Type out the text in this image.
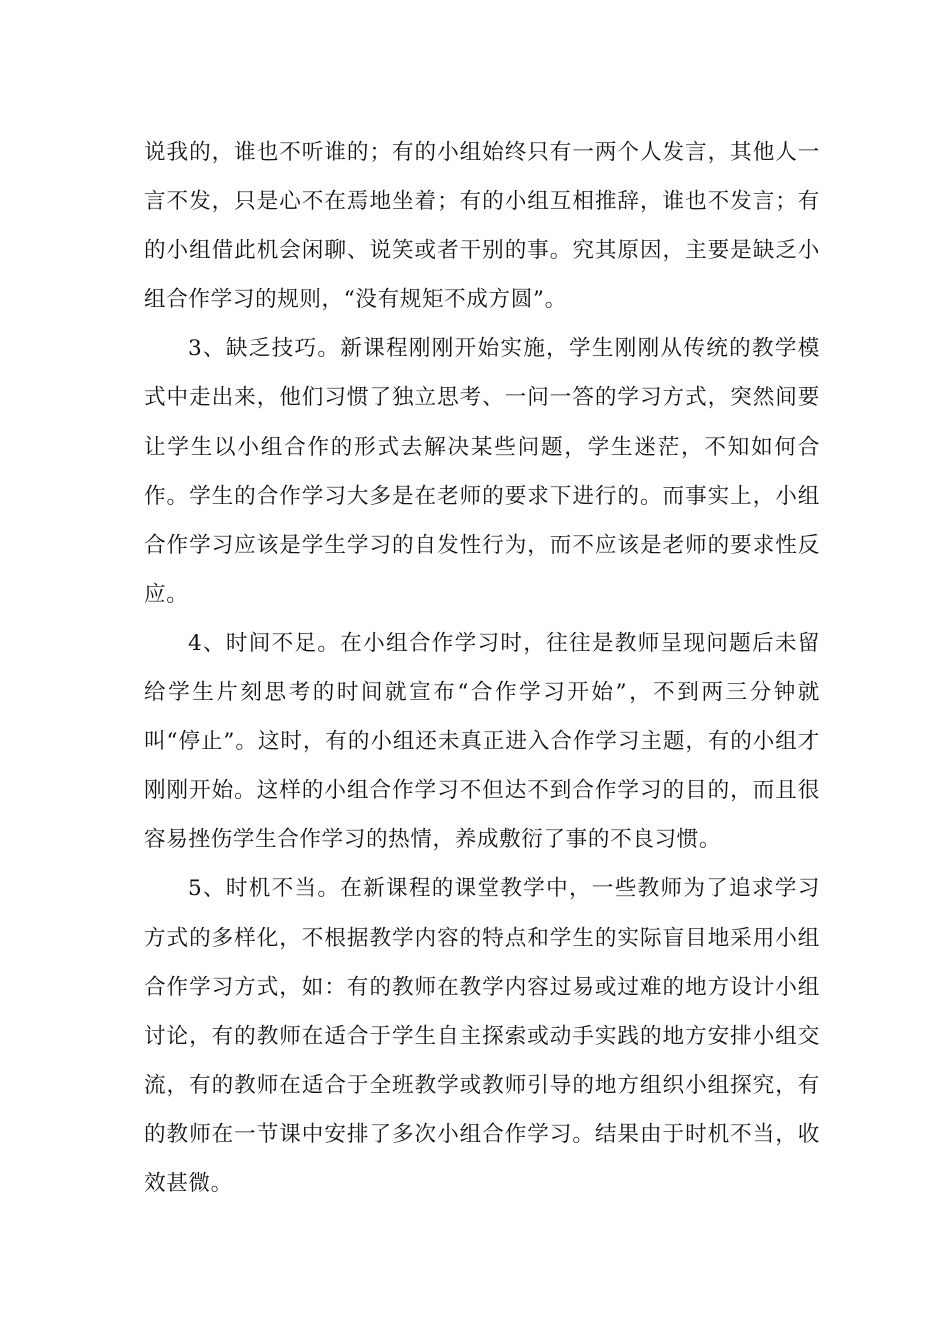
说我的，谁也不听谁的；有的小组始终只有一两个人发言，其他人一言不发，只是心不在焉地坐着；有的小组互相推辞，谁也不发言；有的小组借此机会闲聊、说笑或者干别的事。究其原因，主要是缺乏小组合作学习的规则，“没有规矩不成方圆”。

3、缺乏技巧。新课程刚刚开始实施，学生刚刚从传统的教学模式中走出来，他们习惯了独立思考、一问一答的学习方式，突然间要让学生以小组合作的形式去解决某些问题，学生迷茫，不知如何合作。学生的合作学习大多是在老师的要求下进行的。而事实上，小组合作学习应该是学生学习的自发性行为，而不应该是老师的要求性反应。

4、时间不足。在小组合作学习时，往往是教师呈现问题后未留给学生片刻思考的时间就宣布“合作学习开始”，不到两三分钟就叫“停止”。这时，有的小组还未真正进入合作学习主题，有的小组才刚刚开始。这样的小组合作学习不但达不到合作学习的目的，而且很容易挫伤学生合作学习的热情，养成敷衍了事的不良习惯。

5、时机不当。在新课程的课堂教学中，一些教师为了追求学习方式的多样化，不根据教学内容的特点和学生的实际盲目地采用小组合作学习方式，如：有的教师在教学内容过易或过难的地方设计小组讨论，有的教师在适合于学生自主探索或动手实践的地方安排小组交流，有的教师在适合于全班教学或教师引导的地方组织小组探究，有的教师在一节课中安排了多次小组合作学习。结果由于时机不当，收效甚微。
